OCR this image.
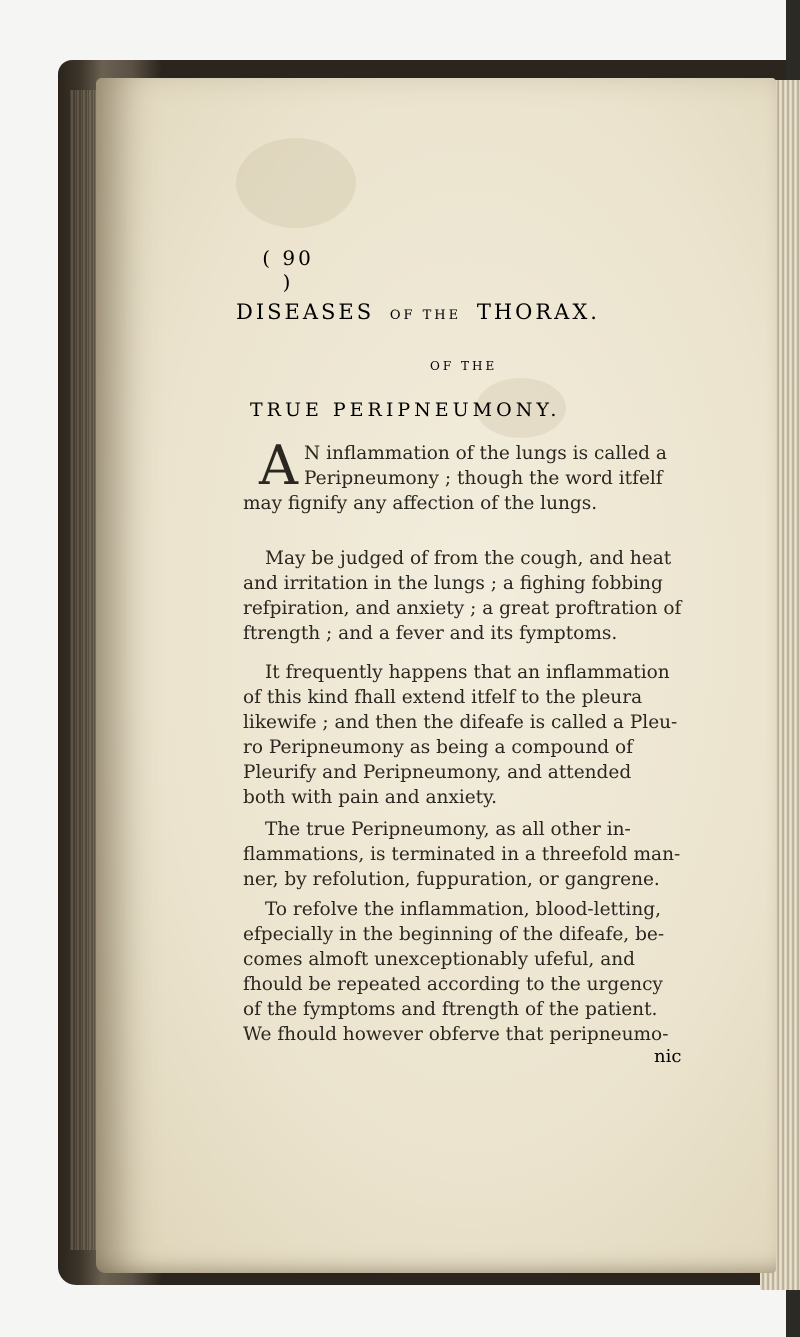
( 90 )
DISEASES OF THE THORAX.
OF THE
TRUE PERIPNEUMONY.
A N inflammation of the lungs is called a
Peripneumony ; though the word itfelf
may fignify any affection of the lungs.
May be judged of from the cough, and heat
and irritation in the lungs ; a fighing fobbing
refpiration, and anxiety ; a great proftration of
ftrength ; and a fever and its fymptoms.
It frequently happens that an inflammation
of this kind fhall extend itfelf to the pleura
likewife ; and then the difeafe is called a Pleu-
ro Peripneumony as being a compound of
Pleurify and Peripneumony, and attended
both with pain and anxiety.
The true Peripneumony, as all other in-
flammations, is terminated in a threefold man-
ner, by refolution, fuppuration, or gangrene.
To refolve the inflammation, blood-letting,
efpecially in the beginning of the difeafe, be-
comes almoft unexceptionably ufeful, and
fhould be repeated according to the urgency
of the fymptoms and ftrength of the patient.
We fhould however obferve that peripneumo-
nic
